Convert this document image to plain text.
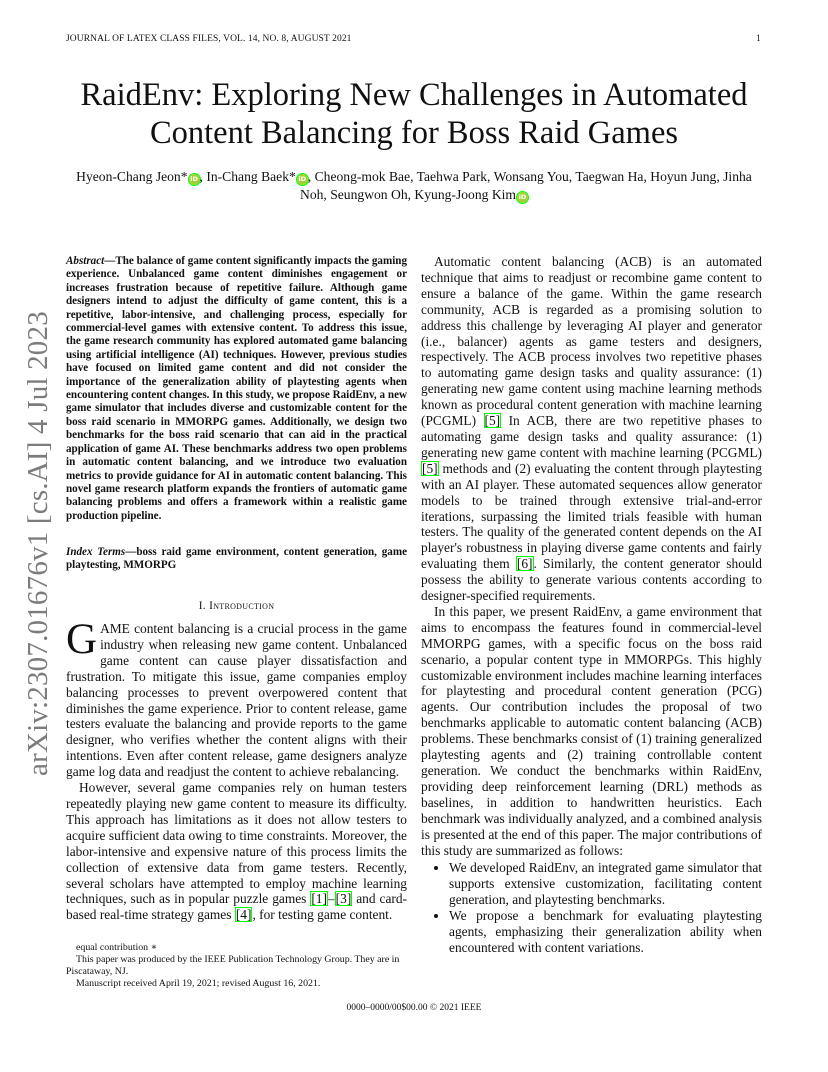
JOURNAL OF LATEX CLASS FILES, VOL. 14, NO. 8, AUGUST 2021	1
arXiv:2307.01676v1 [cs.AI] 4 Jul 2023
RaidEnv: Exploring New Challenges in Automated Content Balancing for Boss Raid Games
Hyeon-Chang Jeon* iD , In-Chang Baek* iD , Cheong-mok Bae, Taehwa Park, Wonsang You, Taegwan Ha, Hoyun Jung, Jinha Noh, Seungwon Oh, Kyung-Joong Kim iD
Abstract—The balance of game content significantly impacts the gaming experience. Unbalanced game content diminishes engagement or increases frustration because of repetitive failure. Although game designers intend to adjust the difficulty of game content, this is a repetitive, labor-intensive, and challenging process, especially for commercial-level games with extensive content. To address this issue, the game research community has explored automated game balancing using artificial intelligence (AI) techniques. However, previous studies have focused on limited game content and did not consider the importance of the generalization ability of playtesting agents when encountering content changes. In this study, we propose RaidEnv, a new game simulator that includes diverse and customizable content for the boss raid scenario in MMORPG games. Additionally, we design two benchmarks for the boss raid scenario that can aid in the practical application of game AI. These benchmarks address two open problems in automatic content balancing, and we introduce two evaluation metrics to provide guidance for AI in automatic content balancing. This novel game research platform expands the frontiers of automatic game balancing problems and offers a framework within a realistic game production pipeline.
Index Terms—boss raid game environment, content generation, game playtesting, MMORPG
I. Introduction

GAME content balancing is a crucial process in the game industry when releasing new game content. Unbalanced game content can cause player dissatisfaction and frustration. To mitigate this issue, game companies employ balancing processes to prevent overpowered content that diminishes the game experience. Prior to content release, game testers evaluate the balancing and provide reports to the game designer, who verifies whether the content aligns with their intentions. Even after content release, game designers analyze game log data and readjust the content to achieve rebalancing.

However, several game companies rely on human testers repeatedly playing new game content to measure its difficulty. This approach has limitations as it does not allow testers to acquire sufficient data owing to time constraints. Moreover, the labor-intensive and expensive nature of this process limits the collection of extensive data from game testers. Recently, several scholars have attempted to employ machine learning techniques, such as in popular puzzle games [1]–[3] and card-based real-time strategy games [4], for testing game content.

Automatic content balancing (ACB) is an automated technique that aims to readjust or recombine game content to ensure a balance of the game. Within the game research community, ACB is regarded as a promising solution to address this challenge by leveraging AI player and generator (i.e., balancer) agents as game testers and designers, respectively. The ACB process involves two repetitive phases to automating game design tasks and quality assurance: (1) generating new game content using machine learning methods known as procedural content generation with machine learning (PCGML) [5] In ACB, there are two repetitive phases to automating game design tasks and quality assurance: (1) generating new game content with machine learning (PCGML) [5] methods and (2) evaluating the content through playtesting with an AI player. These automated sequences allow generator models to be trained through extensive trial-and-error iterations, surpassing the limited trials feasible with human testers. The quality of the generated content depends on the AI player's robustness in playing diverse game contents and fairly evaluating them [6]. Similarly, the content generator should possess the ability to generate various contents according to designer-specified requirements.

In this paper, we present RaidEnv, a game environment that aims to encompass the features found in commercial-level MMORPG games, with a specific focus on the boss raid scenario, a popular content type in MMORPGs. This highly customizable environment includes machine learning interfaces for playtesting and procedural content generation (PCG) agents. Our contribution includes the proposal of two benchmarks applicable to automatic content balancing (ACB) problems. These benchmarks consist of (1) training generalized playtesting agents and (2) training controllable content generation. We conduct the benchmarks within RaidEnv, providing deep reinforcement learning (DRL) methods as baselines, in addition to handwritten heuristics. Each benchmark was individually analyzed, and a combined analysis is presented at the end of this paper. The major contributions of this study are summarized as follows:

• We developed RaidEnv, an integrated game simulator that supports extensive customization, facilitating content generation, and playtesting benchmarks.
• We propose a benchmark for evaluating playtesting agents, emphasizing their generalization ability when encountered with content variations.

equal contribution ∗

This paper was produced by the IEEE Publication Technology Group. They are in Piscataway, NJ.

Manuscript received April 19, 2021; revised August 16, 2021.

0000–0000/00$00.00 © 2021 IEEE
